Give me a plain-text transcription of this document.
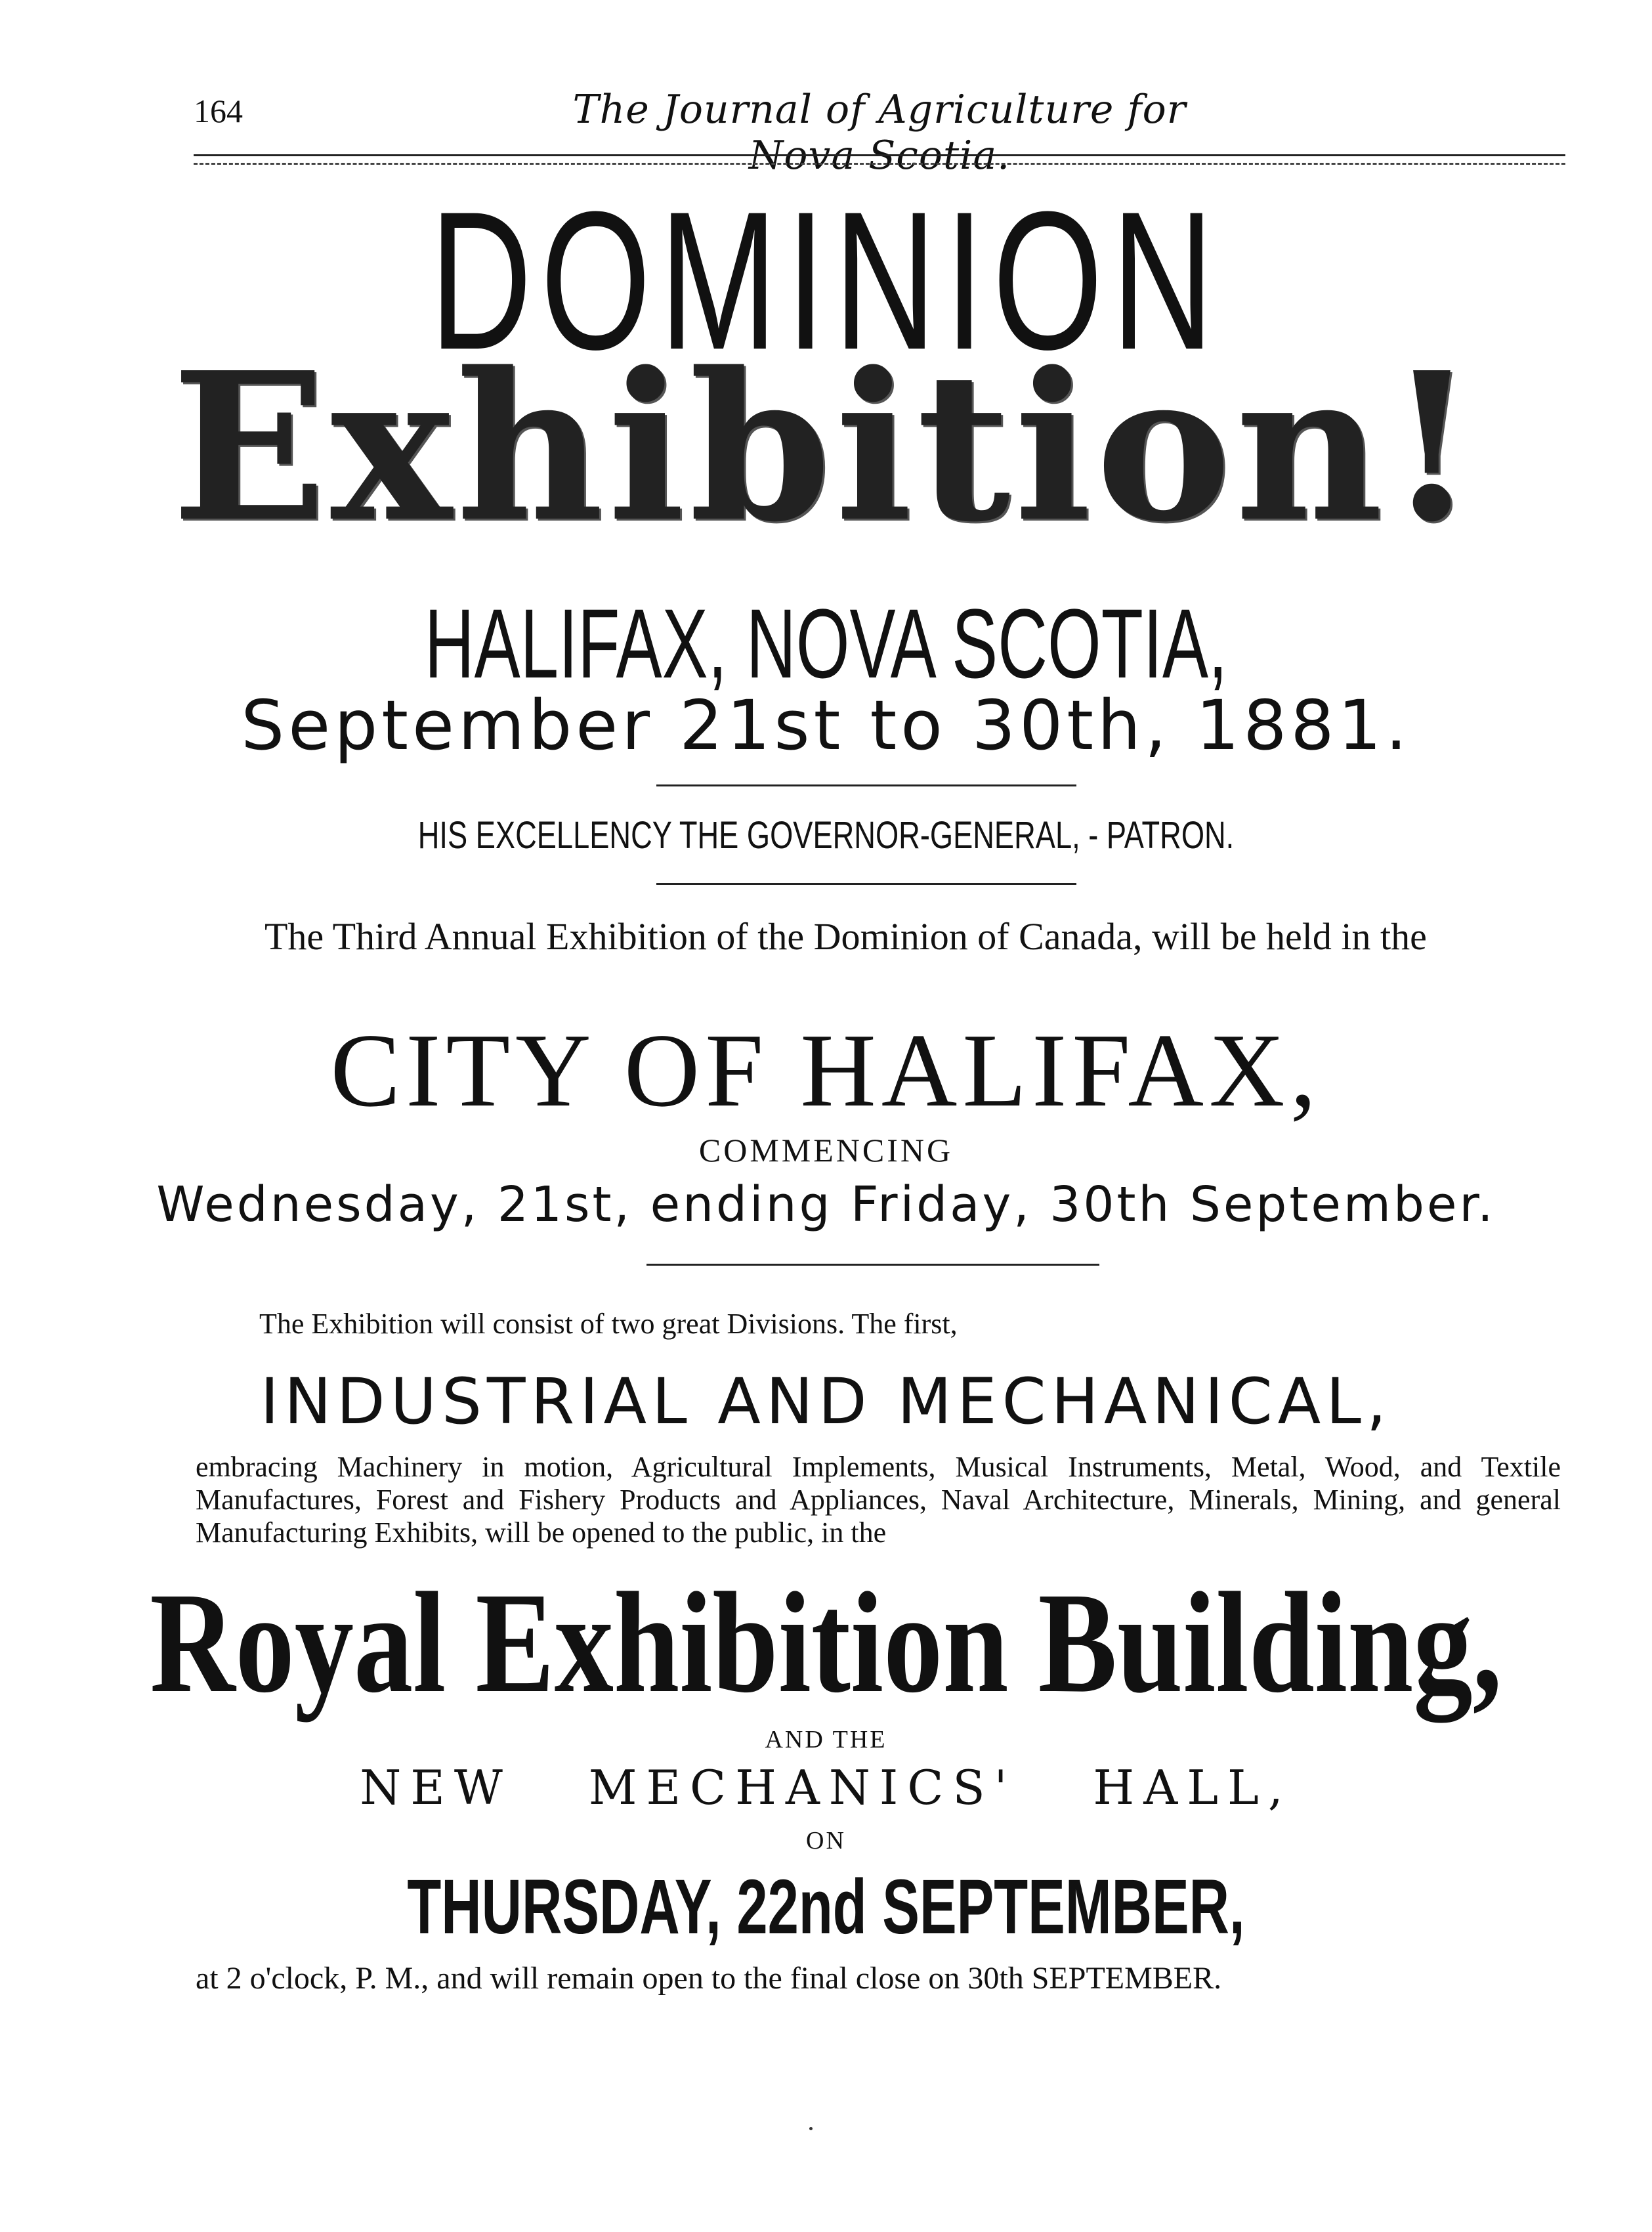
164	The Journal of Agriculture for Nova Scotia.
DOMINION
Exhibition!
HALIFAX, NOVA SCOTIA,
September 21st to 30th, 1881.
HIS EXCELLENCY THE GOVERNOR-GENERAL, - PATRON.
The Third Annual Exhibition of the Dominion of Canada, will be held in the
CITY OF HALIFAX,
COMMENCING
Wednesday, 21st, ending Friday, 30th September.
The Exhibition will consist of two great Divisions. The first,
INDUSTRIAL AND MECHANICAL,
embracing Machinery in motion, Agricultural Implements, Musical Instruments, Metal, Wood, and Textile Manufactures, Forest and Fishery Products and Appliances, Naval Architecture, Minerals, Mining, and general Manufacturing Exhibits, will be opened to the public, in the
Royal Exhibition Building,
AND THE
NEW MECHANICS' HALL,
ON
THURSDAY, 22nd SEPTEMBER,
at 2 o'clock, P. M., and will remain open to the final close on 30th SEPTEMBER.
